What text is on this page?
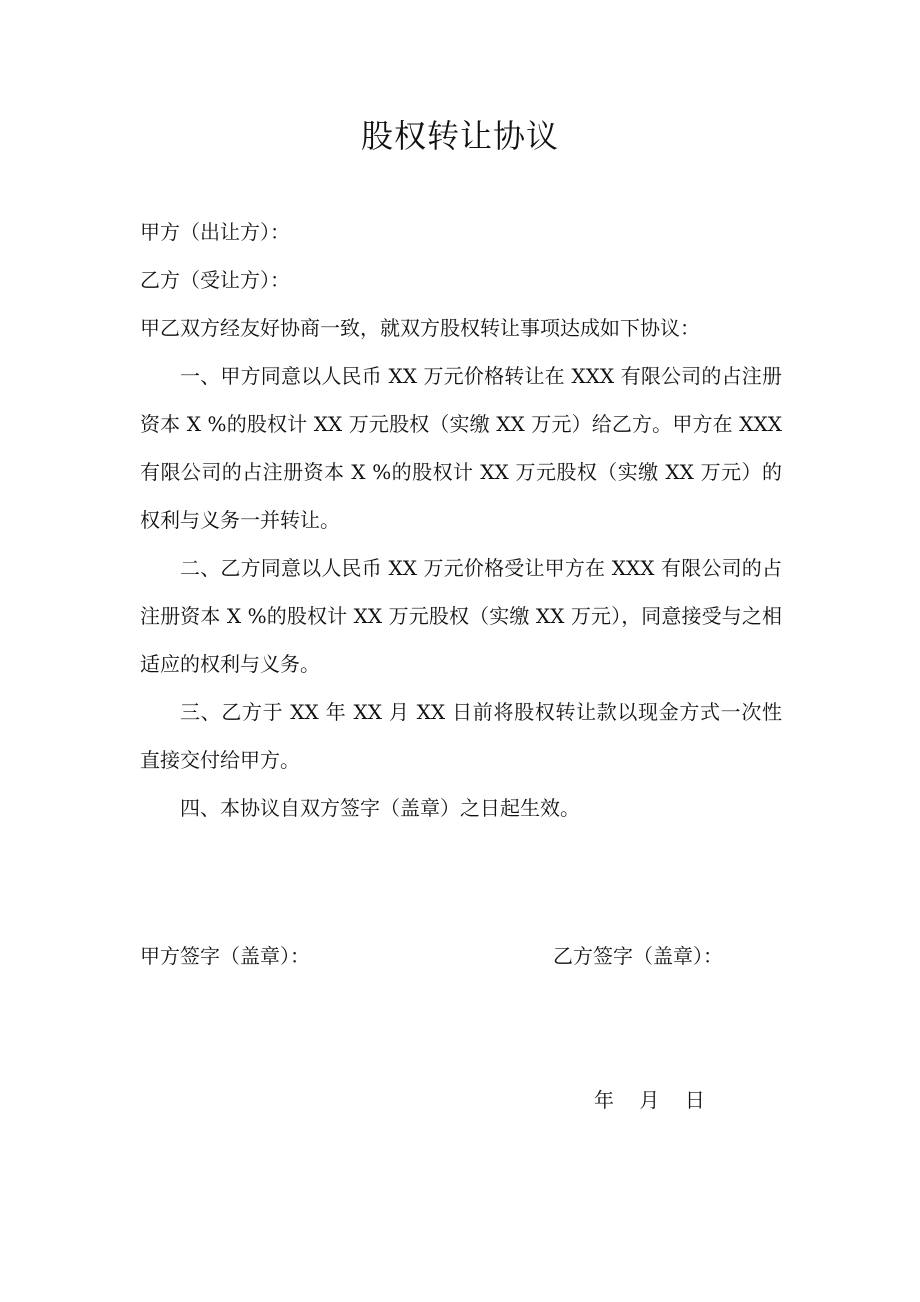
股权转让协议
甲方（出让方）：
乙方（受让方）：
甲乙双方经友好协商一致，就双方股权转让事项达成如下协议：
一、甲方同意以人民币 XX 万元价格转让在 XXX 有限公司的占注册资本 X %的股权计 XX 万元股权（实缴 XX 万元）给乙方。甲方在 XXX 有限公司的占注册资本 X %的股权计 XX 万元股权（实缴 XX 万元）的权利与义务一并转让。
二、乙方同意以人民币 XX 万元价格受让甲方在 XXX 有限公司的占注册资本 X %的股权计 XX 万元股权（实缴 XX 万元），同意接受与之相适应的权利与义务。
三、乙方于 XX 年 XX 月 XX 日前将股权转让款以现金方式一次性直接交付给甲方。
四、本协议自双方签字（盖章）之日起生效。
甲方签字（盖章）：	乙方签字（盖章）：
年    月    日
